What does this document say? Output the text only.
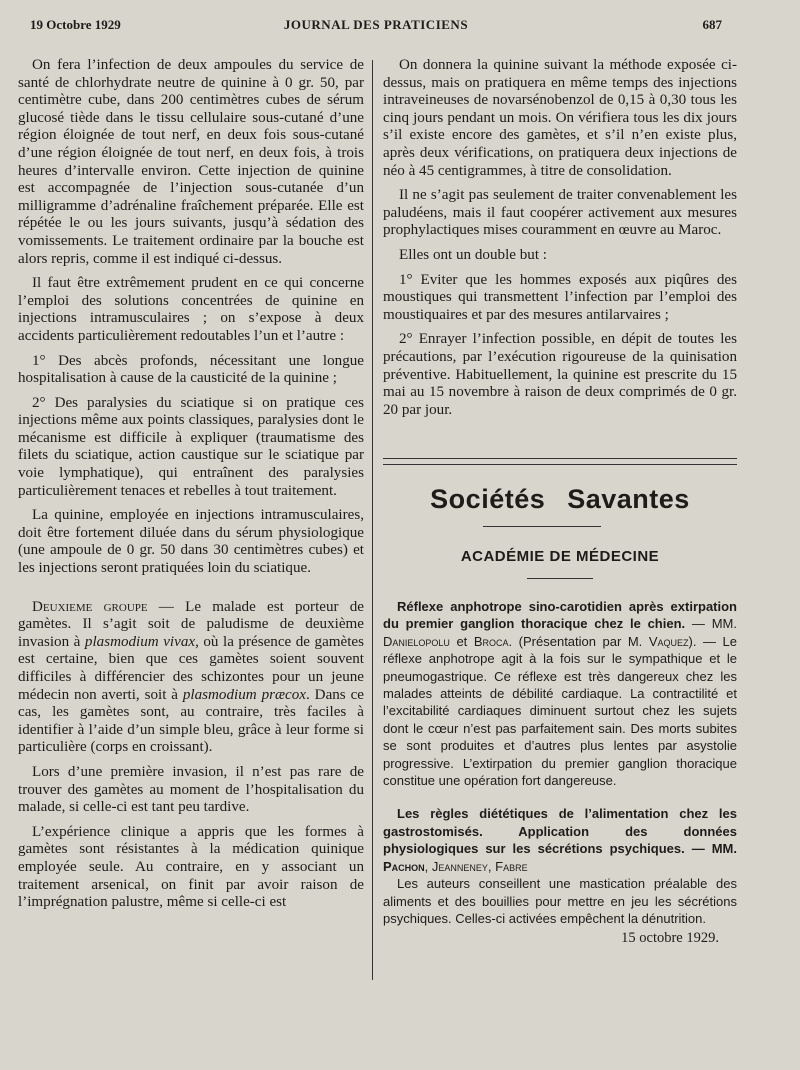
19 Octobre 1929	JOURNAL DES PRATICIENS	687

On fera l’infection de deux ampoules du service de santé de chlorhydrate neutre de quinine à 0 gr. 50, par centimètre cube, dans 200 centimètres cubes de sérum glucosé tiède dans le tissu cellulaire sous-cutané d’une région éloignée de tout nerf, en deux fois sous-cutané d’une région éloignée de tout nerf, en deux fois, à trois heures d’intervalle environ. Cette injection de quinine est accompagnée de l’injection sous-cutanée d’un milligramme d’adrénaline fraîchement préparée. Elle est répétée le ou les jours suivants, jusqu’à sédation des vomissements. Le traitement ordinaire par la bouche est alors repris, comme il est indiqué ci-dessus.

Il faut être extrêmement prudent en ce qui concerne l’emploi des solutions concentrées de quinine en injections intramusculaires ; on s’expose à deux accidents particulièrement redoutables l’un et l’autre :

1° Des abcès profonds, nécessitant une longue hospitalisation à cause de la causticité de la quinine ;

2° Des paralysies du sciatique si on pratique ces injections même aux points classiques, paralysies dont le mécanisme est difficile à expliquer (traumatisme des filets du sciatique, action caustique sur le sciatique par voie lymphatique), qui entraînent des paralysies particulièrement tenaces et rebelles à tout traitement.

La quinine, employée en injections intramusculaires, doit être fortement diluée dans du sérum physiologique (une ampoule de 0 gr. 50 dans 30 centimètres cubes) et les injections seront pratiquées loin du sciatique.

Deuxieme groupe — Le malade est porteur de gamètes. Il s’agit soit de paludisme de deuxième invasion à plasmodium vivax, où la présence de gamètes est certaine, bien que ces gamètes soient souvent difficiles à différencier des schizontes pour un jeune médecin non averti, soit à plasmodium præcox. Dans ce cas, les gamètes sont, au contraire, très faciles à identifier à l’aide d’un simple bleu, grâce à leur forme si particulière (corps en croissant).

Lors d’une première invasion, il n’est pas rare de trouver des gamètes au moment de l’hospitalisation du malade, si celle-ci est tant peu tardive.

L’expérience clinique a appris que les formes à gamètes sont résistantes à la médication quinique employée seule. Au contraire, en y associant un traitement arsenical, on finit par avoir raison de l’imprégnation palustre, même si celle-ci est

On donnera la quinine suivant la méthode exposée ci-dessus, mais on pratiquera en même temps des injections intraveineuses de novarsénobenzol de 0,15 à 0,30 tous les cinq jours pendant un mois. On vérifiera tous les dix jours s’il existe encore des gamètes, et s’il n’en existe plus, après deux vérifications, on pratiquera deux injections de néo à 45 centigrammes, à titre de consolidation.

Il ne s’agit pas seulement de traiter convenablement les paludéens, mais il faut coopérer activement aux mesures prophylactiques mises couramment en œuvre au Maroc.

Elles ont un double but :

1° Eviter que les hommes exposés aux piqûres des moustiques qui transmettent l’infection par l’emploi des moustiquaires et par des mesures antilarvaires ;

2° Enrayer l’infection possible, en dépit de toutes les précautions, par l’exécution rigoureuse de la quinisation préventive. Habituellement, la quinine est prescrite du 15 mai au 15 novembre à raison de deux comprimés de 0 gr. 20 par jour.

Sociétés Savantes
ACADÉMIE DE MÉDECINE

Réflexe anphotrope sino-carotidien après extirpation du premier ganglion thoracique chez le chien. — MM. Danielopolu et Broca. (Présentation par M. Vaquez). — Le réflexe anphotrope agit à la fois sur le sympathique et le pneumogastrique. Ce réflexe est très dangereux chez les malades atteints de débilité cardiaque. La contractilité et l’excitabilité cardiaques diminuent surtout chez les sujets dont le cœur n’est pas parfaitement sain. Des morts subites se sont produites et d’autres plus lentes par asystolie progressive. L’extirpation du premier ganglion thoracique constitue une opération fort dangereuse.

Les règles diététiques de l’alimentation chez les gastrostomisés. Application des données physiologiques sur les sécrétions psychiques. — MM. Pachon, Jeanneney, Fabre

Les auteurs conseillent une mastication préalable des aliments et des bouillies pour mettre en jeu les sécrétions psychiques. Celles-ci activées empêchent la dénutrition.

15 octobre 1929.
